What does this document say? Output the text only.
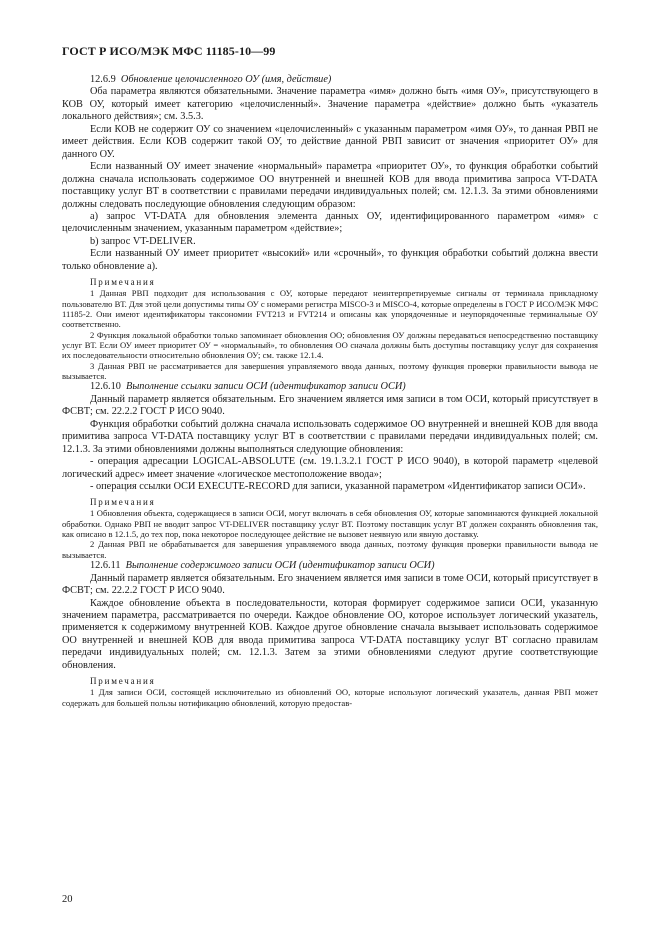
ГОСТ Р ИСО/МЭК МФС 11185-10—99

12.6.9 Обновление целочисленного ОУ (имя, действие)

Оба параметра являются обязательными. Значение параметра «имя» должно быть «имя ОУ», присутствующего в КОВ ОУ, который имеет категорию «целочисленный». Значение параметра «действие» должно быть «указатель локального действия»; см. 3.5.3.

Если КОВ не содержит ОУ со значением «целочисленный» с указанным параметром «имя ОУ», то данная РВП не имеет действия. Если КОВ содержит такой ОУ, то действие данной РВП зависит от значения «приоритет ОУ» для данного ОУ.

Если названный ОУ имеет значение «нормальный» параметра «приоритет ОУ», то функция обработки событий должна сначала использовать содержимое ОО внутренней и внешней КОВ для ввода примитива запроса VT-DATA поставщику услуг ВТ в соответствии с правилами передачи индивидуальных полей; см. 12.1.3. За этими обновлениями должны следовать последующие обновления следующим образом:

а) запрос VT-DATA для обновления элемента данных ОУ, идентифицированного параметром «имя» с целочисленным значением, указанным параметром «действие»;

b) запрос VT-DELIVER.

Если названный ОУ имеет приоритет «высокий» или «срочный», то функция обработки событий должна ввести только обновление а).

Примечания

1 Данная РВП подходит для использования с ОУ, которые передают неинтерпретируемые сигналы от терминала прикладному пользователю ВТ. Для этой цели допустимы типы ОУ с номерами регистра MISCO-3 и MISCO-4, которые определены в ГОСТ Р ИСО/МЭК МФС 11185-2. Они имеют идентификаторы таксономии FVT213 и FVT214 и описаны как упорядоченные и неупорядоченные терминальные ОУ соответственно.

2 Функция локальной обработки только запоминает обновления ОО; обновления ОУ должны передаваться непосредственно поставщику услуг ВТ. Если ОУ имеет приоритет ОУ = «нормальный», то обновления ОО сначала должны быть доступны поставщику услуг для сохранения их последовательности относительно обновления ОУ; см. также 12.1.4.

3 Данная РВП не рассматривается для завершения управляемого ввода данных, поэтому функция проверки правильности вывода не вызывается.

12.6.10 Выполнение ссылки записи ОСИ (идентификатор записи ОСИ)

Данный параметр является обязательным. Его значением является имя записи в том ОСИ, который присутствует в ФСВТ; см. 22.2.2 ГОСТ Р ИСО 9040.

Функция обработки событий должна сначала использовать содержимое ОО внутренней и внешней КОВ для ввода примитива запроса VT-DATA поставщику услуг ВТ в соответствии с правилами передачи индивидуальных полей; см. 12.1.3. За этими обновлениями должны выполняться следующие обновления:

- операция адресации LOGICAL-ABSOLUTE (см. 19.1.3.2.1 ГОСТ Р ИСО 9040), в которой параметр «целевой логический адрес» имеет значение «логическое местоположение ввода»;

- операция ссылки ОСИ EXECUTE-RECORD для записи, указанной параметром «Идентификатор записи ОСИ».

Примечания

1 Обновления объекта, содержащиеся в записи ОСИ, могут включать в себя обновления ОУ, которые запоминаются функцией локальной обработки. Однако РВП не вводит запрос VT-DELIVER поставщику услуг ВТ. Поэтому поставщик услуг ВТ должен сохранять обновления так, как описано в 12.1.5, до тех пор, пока некоторое последующее действие не вызовет неявную или явную доставку.

2 Данная РВП не обрабатывается для завершения управляемого ввода данных, поэтому функция проверки правильности вывода не вызывается.

12.6.11 Выполнение содержимого записи ОСИ (идентификатор записи ОСИ)

Данный параметр является обязательным. Его значением является имя записи в томе ОСИ, который присутствует в ФСВТ; см. 22.2.2 ГОСТ Р ИСО 9040.

Каждое обновление объекта в последовательности, которая формирует содержимое записи ОСИ, указанную значением параметра, рассматривается по очереди. Каждое обновление ОО, которое использует логический указатель, применяется к содержимому внутренней КОВ. Каждое другое обновление сначала вызывает использовать содержимое ОО внутренней и внешней КОВ для ввода примитива запроса VT-DATA поставщику услуг ВТ согласно правилам передачи индивидуальных полей; см. 12.1.3. Затем за этими обновлениями следуют другие соответствующие обновления.

Примечания

1 Для записи ОСИ, состоящей исключительно из обновлений ОО, которые используют логический указатель, данная РВП может содержать для большей пользы нотификацию обновлений, которую предостав-

20
